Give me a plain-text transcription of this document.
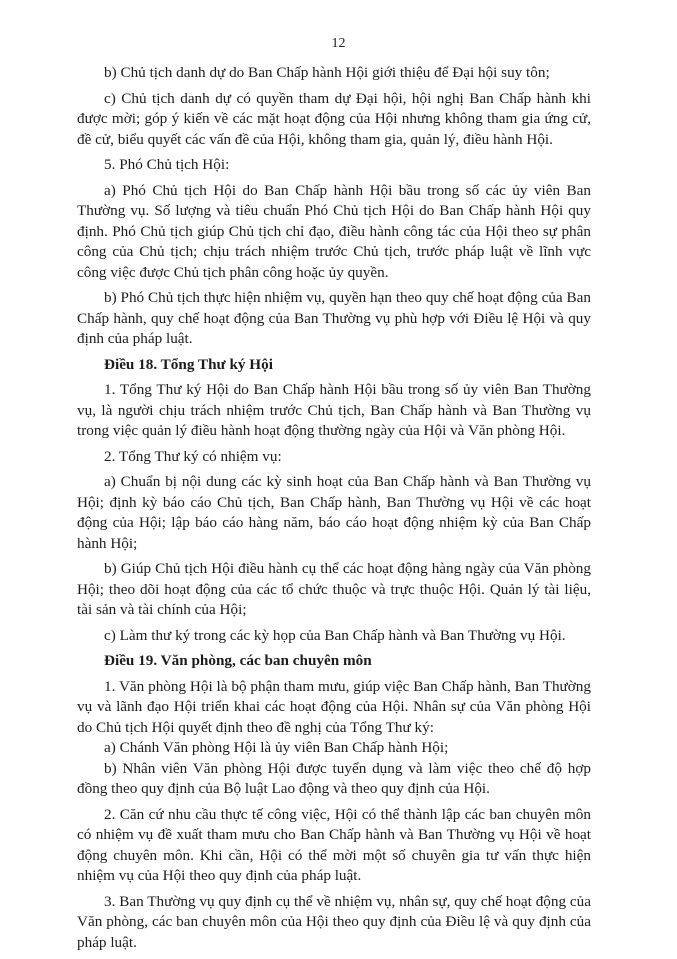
12

b) Chủ tịch danh dự do Ban Chấp hành Hội giới thiệu để Đại hội suy tôn;

c) Chủ tịch danh dự có quyền tham dự Đại hội, hội nghị Ban Chấp hành khi được mời; góp ý kiến về các mặt hoạt động của Hội nhưng không tham gia ứng cử, đề cử, biểu quyết các vấn đề của Hội, không tham gia, quản lý, điều hành Hội.

5. Phó Chủ tịch Hội:

a) Phó Chủ tịch Hội do Ban Chấp hành Hội bầu trong số các ủy viên Ban Thường vụ. Số lượng và tiêu chuẩn Phó Chủ tịch Hội do Ban Chấp hành Hội quy định. Phó Chủ tịch giúp Chủ tịch chỉ đạo, điều hành công tác của Hội theo sự phân công của Chủ tịch; chịu trách nhiệm trước Chủ tịch, trước pháp luật về lĩnh vực công việc được Chủ tịch phân công hoặc ủy quyền.

b) Phó Chủ tịch thực hiện nhiệm vụ, quyền hạn theo quy chế hoạt động của Ban Chấp hành, quy chế hoạt động của Ban Thường vụ phù hợp với Điều lệ Hội và quy định của pháp luật.

Điều 18. Tổng Thư ký Hội

1. Tổng Thư ký Hội do Ban Chấp hành Hội bầu trong số ủy viên Ban Thường vụ, là người chịu trách nhiệm trước Chủ tịch, Ban Chấp hành và Ban Thường vụ trong việc quản lý điều hành hoạt động thường ngày của Hội và Văn phòng Hội.

2. Tổng Thư ký có nhiệm vụ:

a) Chuẩn bị nội dung các kỳ sinh hoạt của Ban Chấp hành và Ban Thường vụ Hội; định kỳ báo cáo Chủ tịch, Ban Chấp hành, Ban Thường vụ Hội về các hoạt động của Hội; lập báo cáo hàng năm, báo cáo hoạt động nhiệm kỳ của Ban Chấp hành Hội;

b) Giúp Chủ tịch Hội điều hành cụ thể các hoạt động hàng ngày của Văn phòng Hội; theo dõi hoạt động của các tổ chức thuộc và trực thuộc Hội. Quản lý tài liệu, tài sản và tài chính của Hội;

c) Làm thư ký trong các kỳ họp của Ban Chấp hành và Ban Thường vụ Hội.

Điều 19. Văn phòng, các ban chuyên môn

1. Văn phòng Hội là bộ phận tham mưu, giúp việc Ban Chấp hành, Ban Thường vụ và lãnh đạo Hội triển khai các hoạt động của Hội. Nhân sự của Văn phòng Hội do Chủ tịch Hội quyết định theo đề nghị của Tổng Thư ký:

a) Chánh Văn phòng Hội là ủy viên Ban Chấp hành Hội;

b) Nhân viên Văn phòng Hội được tuyển dụng và làm việc theo chế độ hợp đồng theo quy định của Bộ luật Lao động và theo quy định của Hội.

2. Căn cứ nhu cầu thực tế công việc, Hội có thể thành lập các ban chuyên môn có nhiệm vụ đề xuất tham mưu cho Ban Chấp hành và Ban Thường vụ Hội về hoạt động chuyên môn. Khi cần, Hội có thể mời một số chuyên gia tư vấn thực hiện nhiệm vụ của Hội theo quy định của pháp luật.

3. Ban Thường vụ quy định cụ thể về nhiệm vụ, nhân sự, quy chế hoạt động của Văn phòng, các ban chuyên môn của Hội theo quy định của Điều lệ và quy định của pháp luật.
